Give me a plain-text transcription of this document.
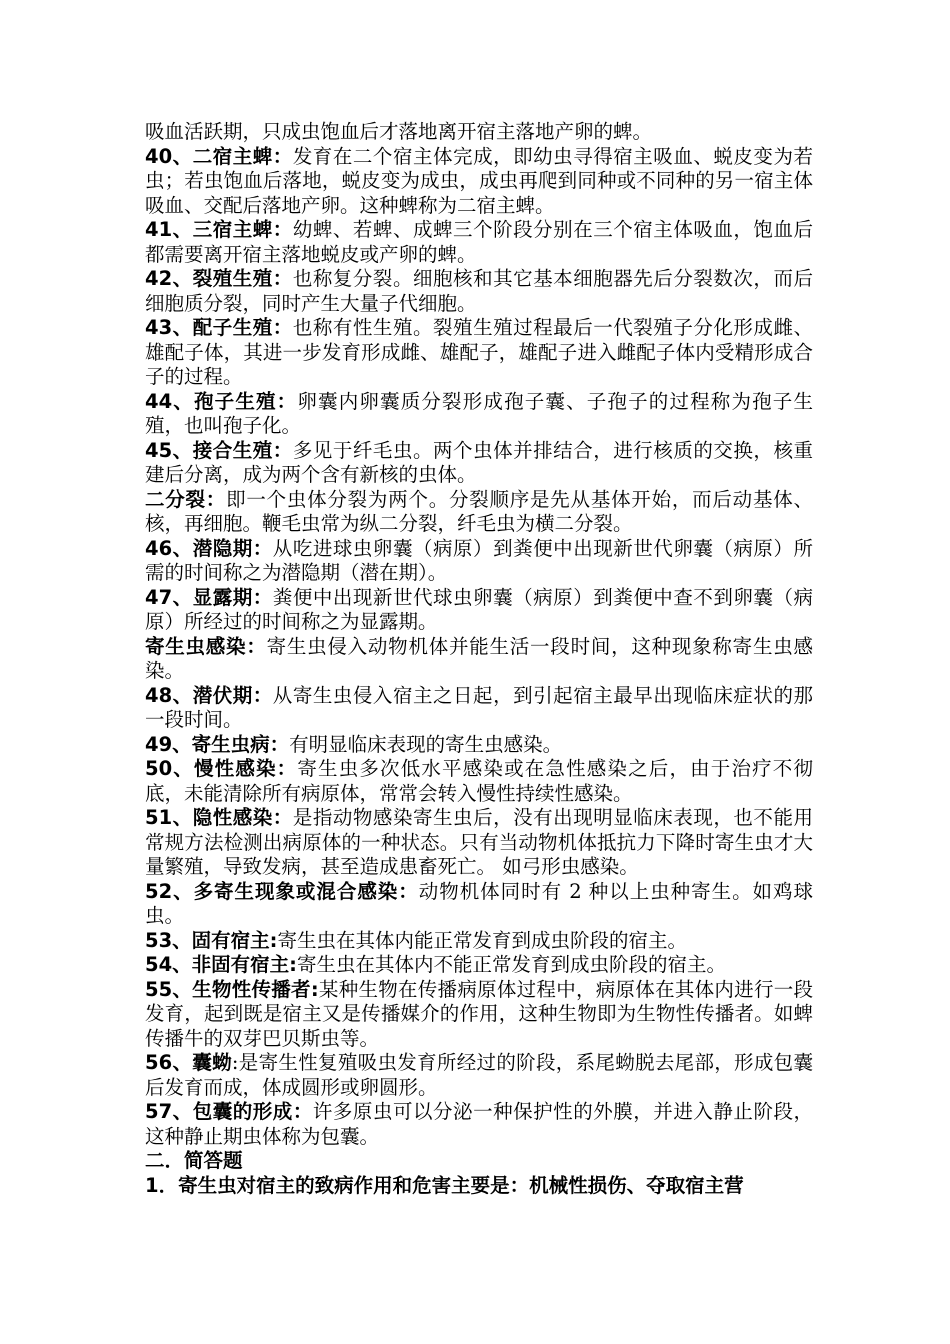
吸血活跃期，只成虫饱血后才落地离开宿主落地产卵的蜱。

40、二宿主蜱：发育在二个宿主体完成，即幼虫寻得宿主吸血、蜕皮变为若虫；若虫饱血后落地，蜕皮变为成虫，成虫再爬到同种或不同种的另一宿主体吸血、交配后落地产卵。这种蜱称为二宿主蜱。

41、三宿主蜱：幼蜱、若蜱、成蜱三个阶段分别在三个宿主体吸血，饱血后都需要离开宿主落地蜕皮或产卵的蜱。

42、裂殖生殖：也称复分裂。细胞核和其它基本细胞器先后分裂数次，而后细胞质分裂，同时产生大量子代细胞。

43、配子生殖：也称有性生殖。裂殖生殖过程最后一代裂殖子分化形成雌、雄配子体，其进一步发育形成雌、雄配子，雄配子进入雌配子体内受精形成合子的过程。

44、孢子生殖：卵囊内卵囊质分裂形成孢子囊、子孢子的过程称为孢子生殖，也叫孢子化。

45、接合生殖：多见于纤毛虫。两个虫体并排结合，进行核质的交换，核重建后分离，成为两个含有新核的虫体。

二分裂：即一个虫体分裂为两个。分裂顺序是先从基体开始，而后动基体、核，再细胞。鞭毛虫常为纵二分裂，纤毛虫为横二分裂。

46、潜隐期：从吃进球虫卵囊（病原）到粪便中出现新世代卵囊（病原）所需的时间称之为潜隐期（潜在期）。

47、显露期：粪便中出现新世代球虫卵囊（病原）到粪便中查不到卵囊（病原）所经过的时间称之为显露期。

寄生虫感染：寄生虫侵入动物机体并能生活一段时间，这种现象称寄生虫感染。

48、潜伏期：从寄生虫侵入宿主之日起，到引起宿主最早出现临床症状的那一段时间。

49、寄生虫病：有明显临床表现的寄生虫感染。

50、慢性感染：寄生虫多次低水平感染或在急性感染之后，由于治疗不彻底，未能清除所有病原体，常常会转入慢性持续性感染。

51、隐性感染：是指动物感染寄生虫后，没有出现明显临床表现，也不能用常规方法检测出病原体的一种状态。只有当动物机体抵抗力下降时寄生虫才大量繁殖，导致发病，甚至造成患畜死亡。 如弓形虫感染。

52、多寄生现象或混合感染：动物机体同时有 2 种以上虫种寄生。如鸡球虫。

53、固有宿主:寄生虫在其体内能正常发育到成虫阶段的宿主。

54、非固有宿主:寄生虫在其体内不能正常发育到成虫阶段的宿主。

55、生物性传播者:某种生物在传播病原体过程中，病原体在其体内进行一段发育，起到既是宿主又是传播媒介的作用，这种生物即为生物性传播者。如蜱传播牛的双芽巴贝斯虫等。

56、囊蚴:是寄生性复殖吸虫发育所经过的阶段，系尾蚴脱去尾部，形成包囊后发育而成，体成圆形或卵圆形。

57、包囊的形成：许多原虫可以分泌一种保护性的外膜，并进入静止阶段，这种静止期虫体称为包囊。

二．简答题

1．寄生虫对宿主的致病作用和危害主要是：机械性损伤、夺取宿主营
